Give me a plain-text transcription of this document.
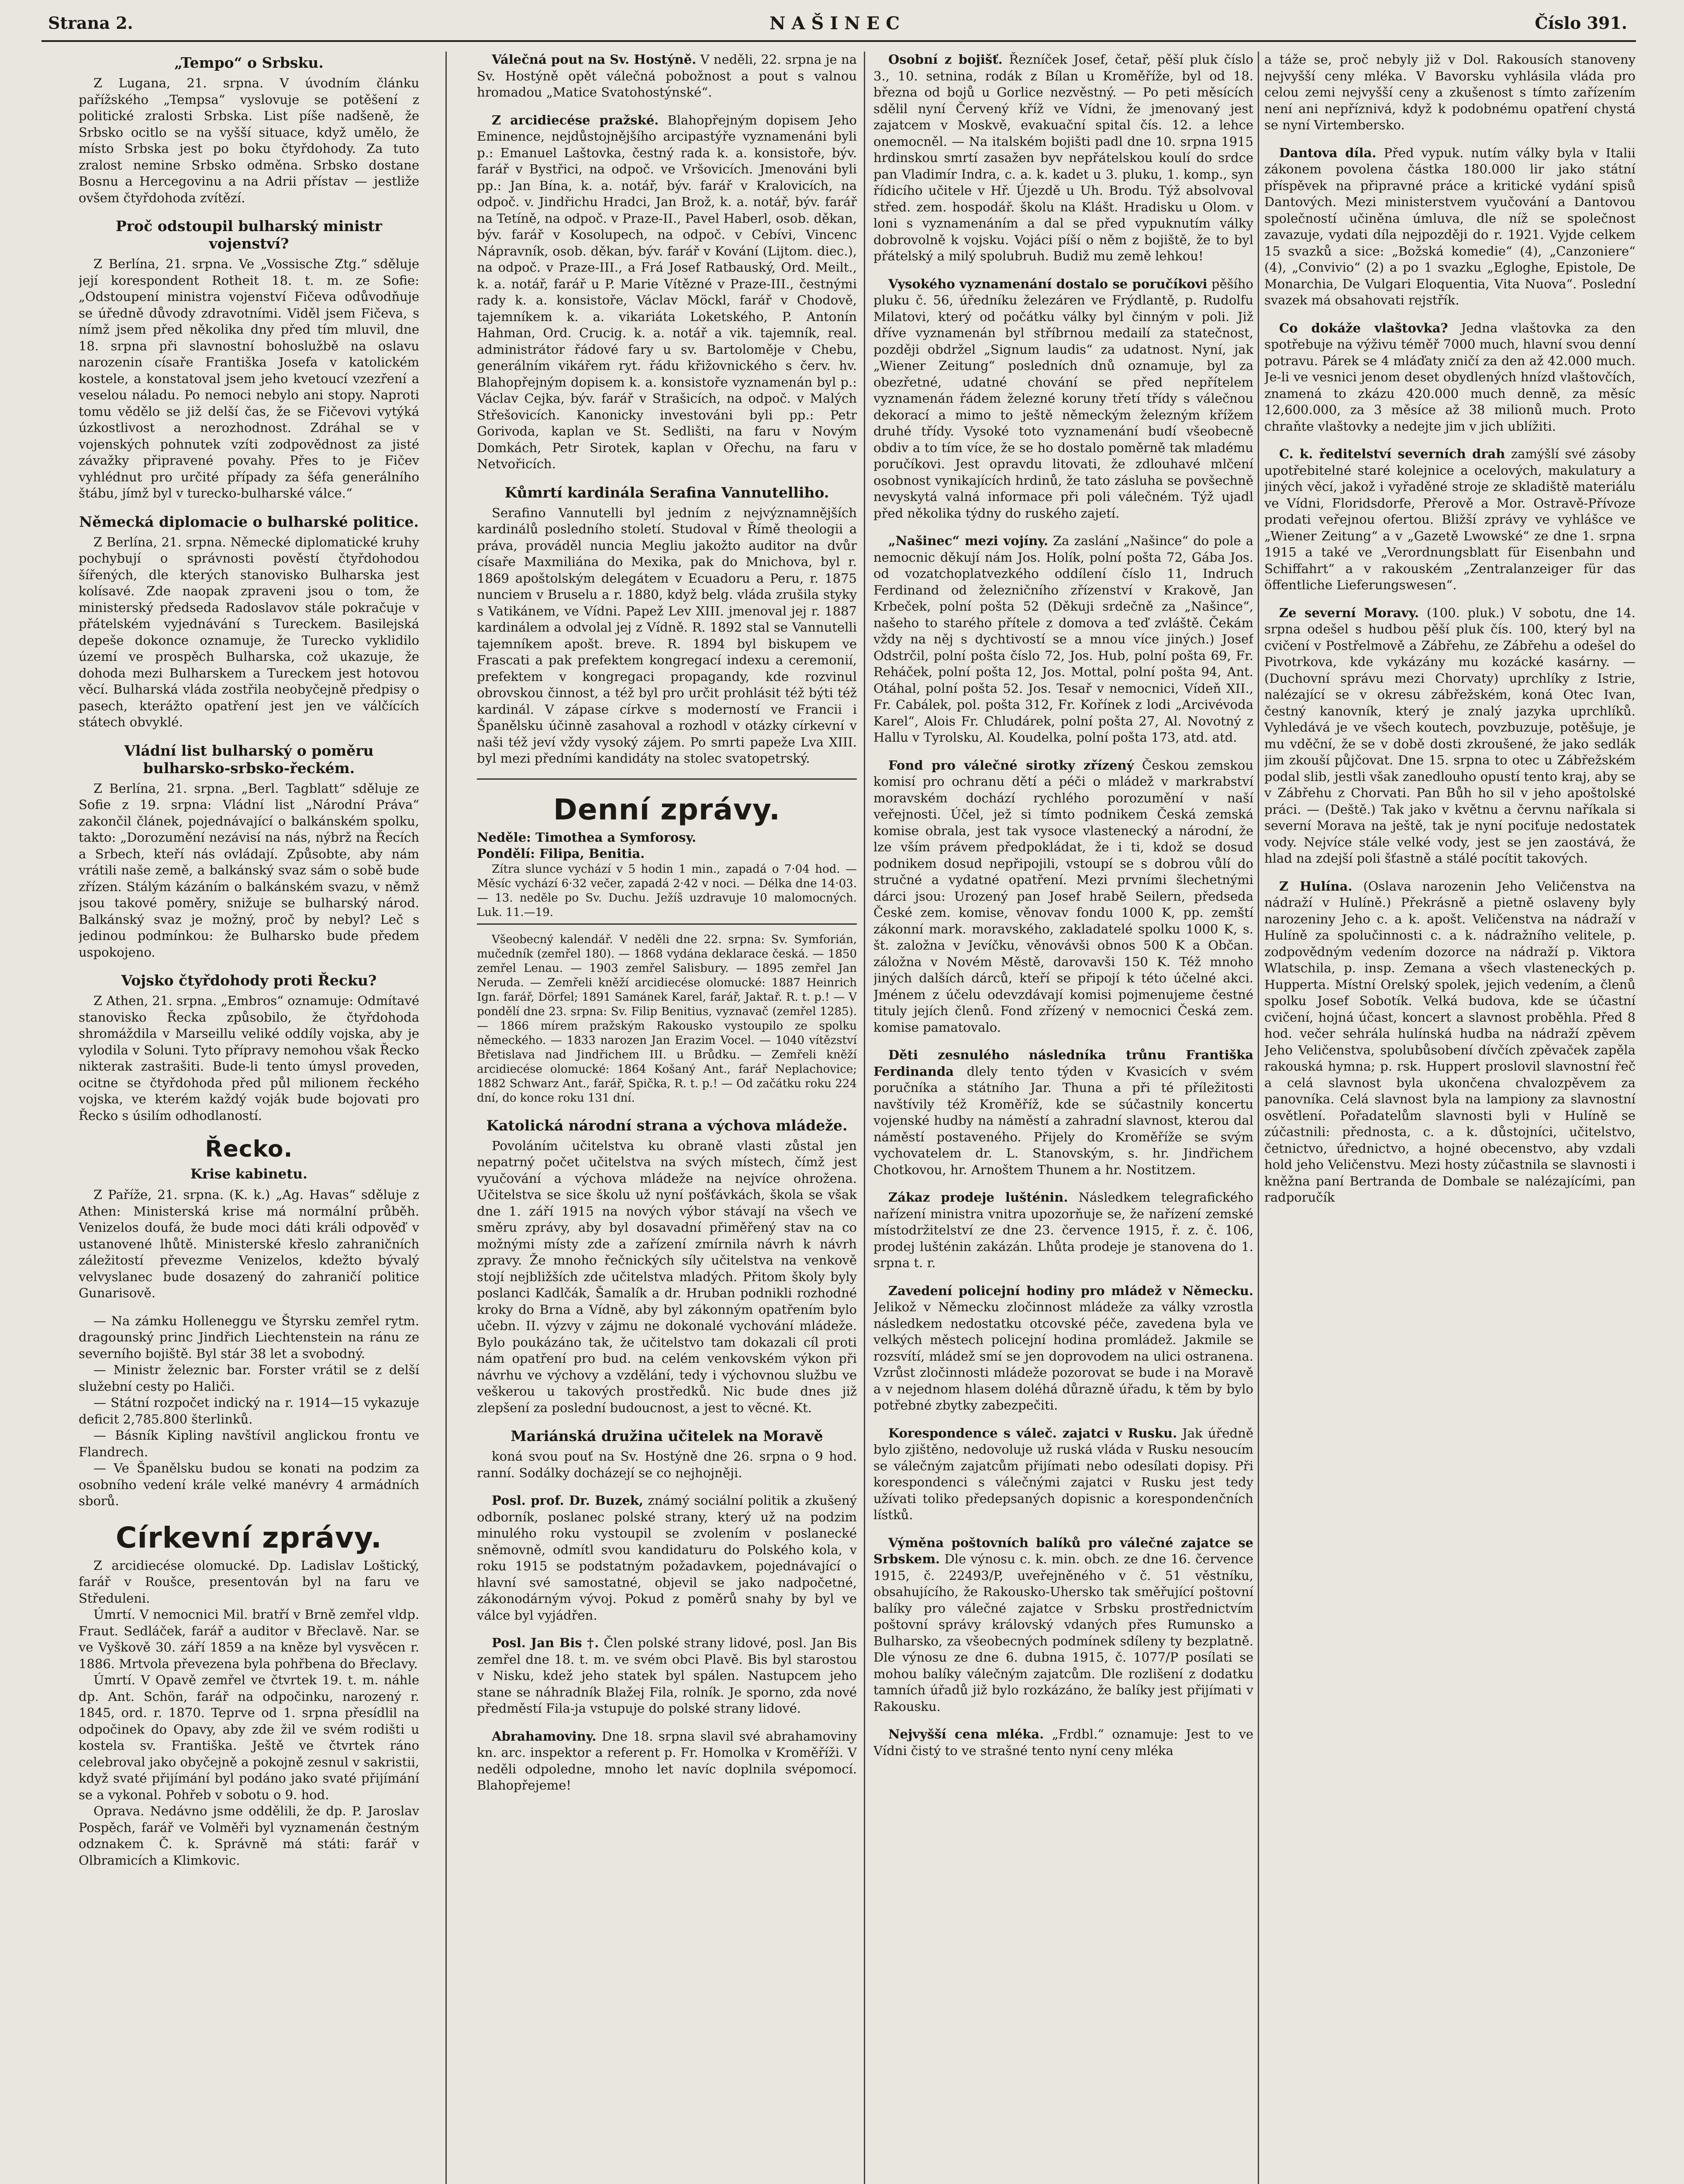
Strana 2.	NAŠINEC	Číslo 391.
„Tempo“ o Srbsku.

Z Lugana, 21. srpna. V úvodním článku pařížského „Tempsa“ vyslovuje se potěšení z politické zralosti Srbska. List píše nadšeně, že Srbsko ocitlo se na vyšší situace, když umělo, že místo Srbska jest po boku čtyřdohody. Za tuto zralost nemine Srbsko odměna. Srbsko dostane Bosnu a Hercegovinu a na Adrii přístav — jestliže ovšem čtyřdohoda zvítězí.

Proč odstoupil bulharský ministr vojenství?

Z Berlína, 21. srpna. Ve „Vossische Ztg.“ sděluje její korespondent Rotheit 18. t. m. ze Sofie: „Odstoupení ministra vojenství Fičeva odůvodňuje se úředně důvody zdravotními. Viděl jsem Fičeva, s nímž jsem před několika dny před tím mluvil, dne 18. srpna při slavnostní bohoslužbě na oslavu narozenin císaře Františka Josefa v katolickém kostele, a konstatoval jsem jeho kvetoucí vzezření a veselou náladu. Po nemoci nebylo ani stopy. Naproti tomu vědělo se již delší čas, že se Fičevovi vytýká úzkostlivost a nerozhodnost. Zdráhal se v vojenských pohnutek vzíti zodpovědnost za jisté závažky připravené povahy. Přes to je Fičev vyhlédnut pro určité případy za šéfa generálního štábu, jímž byl v turecko-bulharské válce.“

Německá diplomacie o bulharské politice.

Z Berlína, 21. srpna. Německé diplomatické kruhy pochybují o správnosti pověstí čtyřdohodou šířených, dle kterých stanovisko Bulharska jest kolísavé. Zde naopak zpraveni jsou o tom, že ministerský předseda Radoslavov stále pokračuje v přátelském vyjednávání s Tureckem. Basilejská depeše dokonce oznamuje, že Turecko vyklidilo území ve prospěch Bulharska, což ukazuje, že dohoda mezi Bulharskem a Tureckem jest hotovou věcí. Bulharská vláda zostřila neobyčejně předpisy o pasech, kterážto opatření jest jen ve válčících státech obvyklé.

Vládní list bulharský o poměru bulharsko-srbsko-řeckém.

Z Berlína, 21. srpna. „Berl. Tagblatt“ sděluje ze Sofie z 19. srpna: Vládní list „Národní Práva“ zakončil článek, pojednávající o balkánském spolku, takto: „Dorozumění nezávisí na nás, nýbrž na Řecích a Srbech, kteří nás ovládají. Způsobte, aby nám vrátili naše země, a balkánský svaz sám o sobě bude zřízen. Stálým kázáním o balkánském svazu, v němž jsou takové poměry, snižuje se bulharský národ. Balkánský svaz je možný, proč by nebyl? Leč s jedinou podmínkou: že Bulharsko bude předem uspokojeno.

Vojsko čtyřdohody proti Řecku?

Z Athen, 21. srpna. „Embros“ oznamuje: Odmítavé stanovisko Řecka způsobilo, že čtyřdohoda shromáždila v Marseillu veliké oddíly vojska, aby je vylodila v Soluni. Tyto přípravy nemohou však Řecko nikterak zastrašiti. Bude-li tento úmysl proveden, ocitne se čtyřdohoda před půl milionem řeckého vojska, ve kterém každý voják bude bojovati pro Řecko s úsilím odhodlaností.

Řecko.
Krise kabinetu.

Z Paříže, 21. srpna. (K. k.) „Ag. Havas“ sděluje z Athen: Ministerská krise má normální průběh. Venizelos doufá, že bude moci dáti králi odpověď v ustanovené lhůtě. Ministerské křeslo zahraničních záležitostí převezme Venizelos, kdežto bývalý velvyslanec bude dosazený do zahraničí politice Gunarisově.

— Na zámku Holleneggu ve Štyrsku zemřel rytm. dragounský princ Jindřich Liechtenstein na ránu ze severního bojiště. Byl stár 38 let a svobodný.

— Ministr železnic bar. Forster vrátil se z delší služební cesty po Haliči.

— Státní rozpočet indický na r. 1914—15 vykazuje deficit 2,785.800 šterlinků.

— Básník Kipling navštívil anglickou frontu ve Flandrech.

— Ve Španělsku budou se konati na podzim za osobního vedení krále velké manévry 4 armádních sborů.

Církevní zprávy.

Z arcidiecése olomucké. Dp. Ladislav Loštický, farář v Roušce, presentován byl na faru ve Středuleni.

Úmrtí. V nemocnici Mil. bratří v Brně zemřel vldp. Fraut. Sedláček, farář a auditor v Břeclavě. Nar. se ve Vyškově 30. září 1859 a na kněze byl vysvěcen r. 1886. Mrtvola převezena byla pohřbena do Břeclavy.

Úmrtí. V Opavě zemřel ve čtvrtek 19. t. m. náhle dp. Ant. Schön, farář na odpočinku, narozený r. 1845, ord. r. 1870. Teprve od 1. srpna přesídlil na odpočinek do Opavy, aby zde žil ve svém rodišti u kostela sv. Františka. Ještě ve čtvrtek ráno celebroval jako obyčejně a pokojně zesnul v sakristii, když svaté přijímání byl podáno jako svaté přijímání se a vykonal. Pohřeb v sobotu o 9. hod.

Oprava. Nedávno jsme oddělili, že dp. P. Jaroslav Pospěch, farář ve Volměři byl vyznamenán čestným odznakem Č. k. Správně má státi: farář v Olbramicích a Klimkovic.

Válečná pout na Sv. Hostýně. V neděli, 22. srpna je na Sv. Hostýně opět válečná pobožnost a pout s valnou hromadou „Matice Svatohostýnské“.

Z arcidiecése pražské. Blahopřejným dopisem Jeho Eminence, nejdůstojnějšího arcipastýře vyznamenáni byli p.: Emanuel Laštovka, čestný rada k. a. konsistoře, býv. farář v Bystřici, na odpoč. ve Vršovicích. Jmenováni byli pp.: Jan Bína, k. a. notář, býv. farář v Kralovicích, na odpoč. v. Jindřichu Hradci, Jan Brož, k. a. notář, býv. farář na Tetíně, na odpoč. v Praze-II., Pavel Haberl, osob. děkan, býv. farář v Kosolupech, na odpoč. v Cebívi, Vincenc Nápravník, osob. děkan, býv. farář v Kování (Lijtom. diec.), na odpoč. v Praze-III., a Frá Josef Ratbauský, Ord. Meilt., k. a. notář, farář u P. Marie Vítězné v Praze-III., čestnými rady k. a. konsistoře, Václav Möckl, farář v Chodově, tajemníkem k. a. vikariáta Loketského, P. Antonín Hahman, Ord. Crucig. k. a. notář a vik. tajemník, real. administrátor řádové fary u sv. Bartoloměje v Chebu, generálním vikářem ryt. řádu křižovnického s červ. hv. Blahopřejným dopisem k. a. konsistoře vyznamenán byl p.: Václav Cejka, býv. farář v Strašicích, na odpoč. v Malých Střešovicích. Kanonicky investováni byli pp.: Petr Gorivoda, kaplan ve St. Sedlišti, na faru v Novým Domkách, Petr Sirotek, kaplan v Ořechu, na faru v Netvořicích.

Kůmrtí kardinála Serafina Vannutelliho.

Serafino Vannutelli byl jedním z nejvýznamnějších kardinálů posledního století. Studoval v Římě theologii a práva, prováděl nuncia Megliu jakožto auditor na dvůr císaře Maxmiliána do Mexika, pak do Mnichova, byl r. 1869 apoštolským delegátem v Ecuadoru a Peru, r. 1875 nunciem v Bruselu a r. 1880, když belg. vláda zrušila styky s Vatikánem, ve Vídni. Papež Lev XIII. jmenoval jej r. 1887 kardinálem a odvolal jej z Vídně. R. 1892 stal se Vannutelli tajemníkem apošt. breve. R. 1894 byl biskupem ve Frascati a pak prefektem kongregací indexu a ceremonií, prefektem v kongregaci propagandy, kde rozvinul obrovskou činnost, a též byl pro určit prohlásit též býti též kardinál. V zápase církve s moderností ve Francii i Španělsku účinně zasahoval a rozhodl v otázky církevní v naši též jeví vždy vysoký zájem. Po smrti papeže Lva XIII. byl mezi předními kandidáty na stolec svatopetrský.

Denní zprávy.

Neděle: Timothea a Symforosy.

Pondělí: Filipa, Benitia.

Zítra slunce vychází v 5 hodin 1 min., zapadá o 7·04 hod. — Měsíc vychází 6·32 večer, zapadá 2·42 v noci. — Délka dne 14·03. — 13. neděle po Sv. Duchu. Ježíš uzdravuje 10 malomocných. Luk. 11.—19.

Všeobecný kalendář. V neděli dne 22. srpna: Sv. Symforián, mučedník (zemřel 180). — 1868 vydána deklarace česká. — 1850 zemřel Lenau. — 1903 zemřel Salisbury. — 1895 zemřel Jan Neruda. — Zemřeli kněží arcidiecése olomucké: 1887 Heinrich Ign. farář, Dörfel; 1891 Samánek Karel, farář, Jaktař. R. t. p.! — V pondělí dne 23. srpna: Sv. Filip Benitius, vyznavač (zemřel 1285). — 1866 mírem pražským Rakousko vystoupilo ze spolku německého. — 1833 narozen Jan Erazim Vocel. — 1040 vítězství Břetislava nad Jindřichem III. u Brůdku. — Zemřeli kněží arcidiecése olomucké: 1864 Košaný Ant., farář Neplachovice; 1882 Schwarz Ant., farář, Spička, R. t. p.! — Od začátku roku 224 dní, do konce roku 131 dní.

Katolická národní strana a výchova mládeže.

Povoláním učitelstva ku obraně vlasti zůstal jen nepatrný počet učitelstva na svých místech, čímž jest vyučování a výchova mládeže na nejvíce ohrožena. Učitelstva se sice školu už nyní pošťávkách, škola se však dne 1. září 1915 na nových výbor stávají na všech ve směru zprávy, aby byl dosavadní přiměřený stav na co možnými místy zde a zařízení zmírnila návrh k návrh zpravy. Že mnoho řečnických síly učitelstva na venkově stojí nejbližších zde učitelstva mladých. Přitom školy byly poslanci Kadlčák, Šamalík a dr. Hruban podnikli rozhodné kroky do Brna a Vídně, aby byl zákonným opatřením bylo učebn. II. výzvy v zájmu ne dokonalé vychování mládeže. Bylo poukázáno tak, že učitelstvo tam dokazali cíl proti nám opatření pro bud. na celém venkovském výkon při návrhu ve výchovy a vzdělání, tedy i výchovnou službu ve veškerou u takových prostředků. Nic bude dnes již zlepšení za poslední budoucnost, a jest to věcné. Kt.

Mariánská družina učitelek na Moravě

koná svou pouť na Sv. Hostýně dne 26. srpna o 9 hod. ranní. Sodálky docházejí se co nejhojněji.

Posl. prof. Dr. Buzek, známý sociální politik a zkušený odborník, poslanec polské strany, který už na podzim minulého roku vystoupil se zvolením v poslanecké sněmovně, odmítl svou kandidaturu do Polského kola, v roku 1915 se podstatným požadavkem, pojednávající o hlavní své samostatné, objevil se jako nadpočetné, zákonodárným vývoj. Pokud z poměrů snahy by byl ve válce byl vyjádřen.

Posl. Jan Bis †. Člen polské strany lidové, posl. Jan Bis zemřel dne 18. t. m. ve svém obci Plavě. Bis byl starostou v Nisku, kdež jeho statek byl spálen. Nastupcem jeho stane se náhradník Blažej Fila, rolník. Je sporno, zda nové předměstí Fila-ja vstupuje do polské strany lidové.

Abrahamoviny. Dne 18. srpna slavil své abrahamoviny kn. arc. inspektor a referent p. Fr. Homolka v Kroměříži. V neděli odpoledne, mnoho let navíc doplnila svépomocí. Blahopřejeme!

Osobní z bojišť. Řezníček Josef, četař, pěší pluk číslo 3., 10. setnina, rodák z Bílan u Kroměříže, byl od 18. března od bojů u Gorlice nezvěstný. — Po peti měsících sdělil nyní Červený kříž ve Vídni, že jmenovaný jest zajatcem v Moskvě, evakuační spital čís. 12. a lehce onemocněl. — Na italském bojišti padl dne 10. srpna 1915 hrdinskou smrtí zasažen byv nepřátelskou koulí do srdce pan Vladimír Indra, c. a. k. kadet u 3. pluku, 1. komp., syn řídicího učitele v Hř. Újezdě u Uh. Brodu. Týž absolvoval střed. zem. hospodář. školu na Klášt. Hradisku u Olom. v loni s vyznamenáním a dal se před vypuknutím války dobrovolně k vojsku. Vojáci píší o něm z bojiště, že to byl přátelský a milý spolubruh. Budiž mu země lehkou!

Vysokého vyznamenání dostalo se poručíkovi pěšího pluku č. 56, úředníku železáren ve Frýdlantě, p. Rudolfu Milatovi, který od počátku války byl činným v poli. Již dříve vyznamenán byl stříbrnou medailí za statečnost, později obdržel „Signum laudis“ za udatnost. Nyní, jak „Wiener Zeitung“ posledních dnů oznamuje, byl za obezřetné, udatné chování se před nepřítelem vyznamenán řádem železné koruny třetí třídy s válečnou dekorací a mimo to ještě německým železným křížem druhé třídy. Vysoké toto vyznamenání budí všeobecně obdiv a to tím více, že se ho dostalo poměrně tak mladému poručíkovi. Jest opravdu litovati, že zdlouhavé mlčení osobnost vynikajících hrdinů, že tato zásluha se povšechně nevyskytá valná informace při poli válečném. Týž ujadl před několika týdny do ruského zajetí.

„Našinec“ mezi vojíny. Za zaslání „Našince“ do pole a nemocnic děkují nám Jos. Holík, polní pošta 72, Gába Jos. od vozatchoplatvezkého oddílení číslo 11, Indruch Ferdinand od železničního zřízenství v Krakově, Jan Krbeček, polní pošta 52 (Děkuji srdečně za „Našince“, našeho to starého přítele z domova a teď zvláště. Čekám vždy na něj s dychtivostí se a mnou více jiných.) Josef Odstrčil, polní pošta číslo 72, Jos. Hub, polní pošta 69, Fr. Reháček, polní pošta 12, Jos. Mottal, polní pošta 94, Ant. Otáhal, polní pošta 52. Jos. Tesař v nemocnici, Vídeň XII., Fr. Cabálek, pol. pošta 312, Fr. Kořínek z lodi „Arcivévoda Karel“, Alois Fr. Chludárek, polní pošta 27, Al. Novotný z Hallu v Tyrolsku, Al. Koudelka, polní pošta 173, atd. atd.

Fond pro válečné sirotky zřízený Českou zemskou komisí pro ochranu dětí a péči o mládež v markrabství moravském dochází rychlého porozumění v naší veřejnosti. Účel, jež si tímto podnikem Česká zemská komise obrala, jest tak vysoce vlastenecký a národní, že lze vším právem předpokládat, že i ti, kdož se dosud podnikem dosud nepřipojili, vstoupí se s dobrou vůlí do stručné a vydatné opatření. Mezi prvními šlechetnými dárci jsou: Urozený pan Josef hrabě Seilern, předseda České zem. komise, věnovav fondu 1000 K, pp. zemští zákonní mark. moravského, zakladatelé spolku 1000 K, s. št. založna v Jevíčku, věnovávši obnos 500 K a Občan. záložna v Novém Městě, darovavši 150 K. Též mnoho jiných dalších dárců, kteří se připojí k této účelné akci. Jménem z účelu odevzdávají komisi pojmenujeme čestné tituly jejích členů. Fond zřízený v nemocnici Česká zem. komise pamatovalo.

Děti zesnulého následníka trůnu Františka Ferdinanda dlely tento týden v Kvasicích v svém poručníka a státního Jar. Thuna a při té příležitosti navštívily též Kroměříž, kde se súčastnily koncertu vojenské hudby na náměstí a zahradní slavnost, kterou dal náměstí postaveného. Přijely do Kroměříže se svým vychovatelem dr. L. Stanovským, s. hr. Jindřichem Chotkovou, hr. Arnoštem Thunem a hr. Nostitzem.

Zákaz prodeje lušténin. Následkem telegrafického nařízení ministra vnitra upozorňuje se, že nařízení zemské místodržitelství ze dne 23. července 1915, ř. z. č. 106, prodej lušténin zakázán. Lhůta prodeje je stanovena do 1. srpna t. r.

Zavedení policejní hodiny pro mládež v Německu. Jelikož v Německu zločinnost mládeže za války vzrostla následkem nedostatku otcovské péče, zavedena byla ve velkých městech policejní hodina promládež. Jakmile se rozsvítí, mládež smí se jen doprovodem na ulici ostranena. Vzrůst zločinnosti mládeže pozorovat se bude i na Moravě a v nejednom hlasem doléhá důrazně úřadu, k těm by bylo potřebné zbytky zabezpečiti.

Korespondence s váleč. zajatci v Rusku. Jak úředně bylo zjištěno, nedovoluje už ruská vláda v Rusku nesoucím se válečným zajatcům přijímati nebo odesílati dopisy. Při korespondenci s válečnými zajatci v Rusku jest tedy užívati toliko předepsaných dopisnic a korespondenčních lístků.

Výměna poštovních balíků pro válečné zajatce se Srbskem. Dle výnosu c. k. min. obch. ze dne 16. července 1915, č. 22493/P, uveřejněného v č. 51 věstníku, obsahujícího, že Rakousko-Uhersko tak směřující poštovní balíky pro válečné zajatce v Srbsku prostřednictvím poštovní správy královský vdaných přes Rumunsko a Bulharsko, za všeobecných podmínek sdíleny ty bezplatně. Dle výnosu ze dne 6. dubna 1915, č. 1077/P posílati se mohou balíky válečným zajatcům. Dle rozlišení z dodatku tamních úřadů již bylo rozkázáno, že balíky jest přijímati v Rakousku.

Nejvyšší cena mléka. „Frdbl.“ oznamuje: Jest to ve Vídni čistý to ve strašné tento nyní ceny mléka

a táže se, proč nebyly již v Dol. Rakousích stanoveny nejvyšší ceny mléka. V Bavorsku vyhlásila vláda pro celou zemi nejvyšší ceny a zkušenost s tímto zařízením není ani nepříznivá, když k podobnému opatření chystá se nyní Virtembersko.

Dantova díla. Před vypuk. nutím války byla v Italii zákonem povolena částka 180.000 lir jako státní příspěvek na připravné práce a kritické vydání spisů Dantových. Mezi ministerstvem vyučování a Dantovou společností učiněna úmluva, dle níž se společnost zavazuje, vydati díla nejpozději do r. 1921. Vyjde celkem 15 svazků a sice: „Božská komedie“ (4), „Canzoniere“ (4), „Convivio“ (2) a po 1 svazku „Egloghe, Epistole, De Monarchia, De Vulgari Eloquentia, Vita Nuova“. Poslední svazek má obsahovati rejstřík.

Co dokáže vlaštovka? Jedna vlaštovka za den spotřebuje na výživu téměř 7000 much, hlavní svou denní potravu. Párek se 4 mláďaty zničí za den až 42.000 much. Je-li ve vesnici jenom deset obydlených hnízd vlaštovčích, znamená to zkázu 420.000 much denně, za měsíc 12,600.000, za 3 měsíce až 38 milionů much. Proto chraňte vlaštovky a nedejte jim v jich ublížiti.

C. k. ředitelství severních drah zamýšlí své zásoby upotřebitelné staré kolejnice a ocelových, makulatury a jiných věcí, jakož i vyřaděné stroje ze skladiště materiálu ve Vídni, Floridsdorfe, Přerově a Mor. Ostravě-Přívoze prodati veřejnou ofertou. Bližší zprávy ve vyhlášce ve „Wiener Zeitung“ a v „Gazetě Lwowské“ ze dne 1. srpna 1915 a také ve „Verordnungsblatt für Eisenbahn und Schiffahrt“ a v rakouském „Zentralanzeiger für das öffentliche Lieferungswesen“.

Ze severní Moravy. (100. pluk.) V sobotu, dne 14. srpna odešel s hudbou pěší pluk čís. 100, který byl na cvičení v Postřelmově a Zábřehu, ze Zábřehu a odešel do Pivotrkova, kde vykázány mu kozácké kasárny. — (Duchovní správu mezi Chorvaty) uprchlíky z Istrie, nalézající se v okresu zábřežském, koná Otec Ivan, čestný kanovník, který je znalý jazyka uprchlíků. Vyhledává je ve všech koutech, povzbuzuje, potěšuje, je mu vděční, že se v době dosti zkroušené, že jako sedlák jim zkouší půjčovat. Dne 15. srpna to otec u Zábřežském podal slib, jestli však zanedlouho opustí tento kraj, aby se v Zábřehu z Chorvati. Pan Bůh ho sil v jeho apoštolské práci. — (Deště.) Tak jako v květnu a červnu naříkala si severní Morava na ještě, tak je nyní pociťuje nedostatek vody. Nejvíce stále velké vody, jest se jen zaostává, že hlad na zdejší poli šťastně a stálé pocítit takových.

Z Hulína. (Oslava narozenin Jeho Veličenstva na nádraží v Hulíně.) Překrásně a pietně oslaveny byly narozeniny Jeho c. a k. apošt. Veličenstva na nádraží v Hulíně za spolučinnosti c. a k. nádražního velitele, p. zodpovědným vedením dozorce na nádraží p. Viktora Wlatschila, p. insp. Zemana a všech vlasteneckých p. Hupperta. Místní Orelský spolek, jejich vedením, a členů spolku Josef Sobotík. Velká budova, kde se účastní cvičení, hojná účast, koncert a slavnost proběhla. Před 8 hod. večer sehrála hulínská hudba na nádraží zpěvem Jeho Veličenstva, spolubůsobení dívčích zpěvaček zapěla rakouská hymna; p. rsk. Huppert proslovil slavnostní řeč a celá slavnost byla ukončena chvalozpěvem za panovníka. Celá slavnost byla na lampiony za slavnostní osvětlení. Pořadatelům slavnosti byli v Hulíně se zúčastnili: přednosta, c. a k. důstojníci, učitelstvo, četnictvo, úřednictvo, a hojné obecenstvo, aby vzdali hold jeho Veličenstvu. Mezi hosty zúčastnila se slavnosti i kněžna paní Bertranda de Dombale se nalézajícími, pan radporučík
